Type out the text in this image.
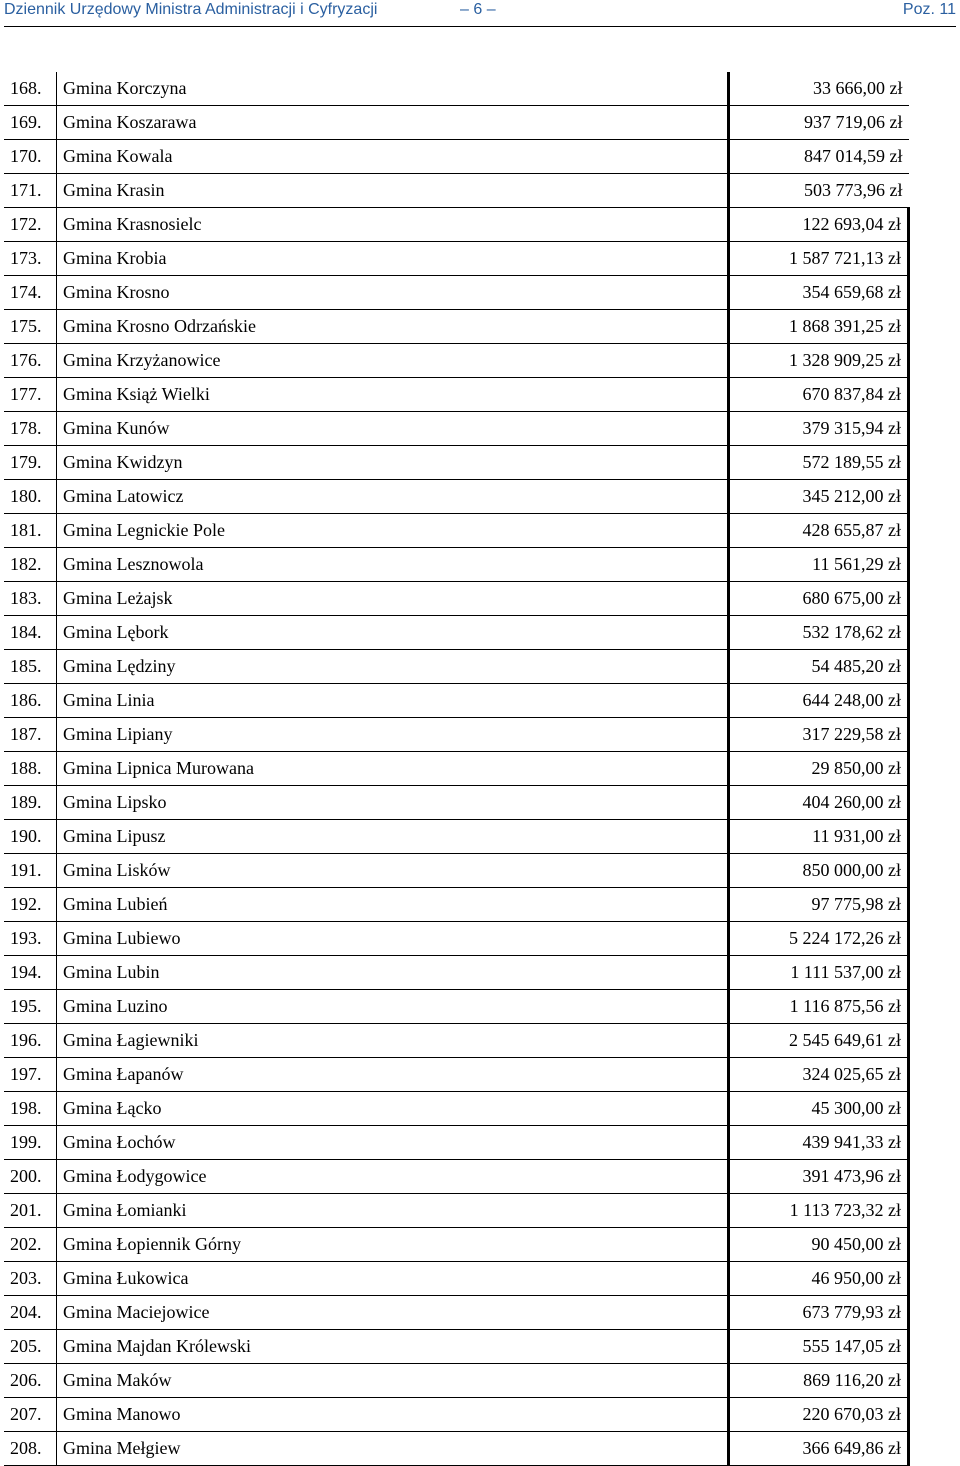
Dziennik Urzędowy Ministra Administracji i Cyfryzacji	– 6 –	Poz. 11
168.	Gmina Korczyna	33 666,00 zł
169.	Gmina Koszarawa	937 719,06 zł
170.	Gmina Kowala	847 014,59 zł
171.	Gmina Krasin	503 773,96 zł
172.	Gmina Krasnosielc	122 693,04 zł
173.	Gmina Krobia	1 587 721,13 zł
174.	Gmina Krosno	354 659,68 zł
175.	Gmina Krosno Odrzańskie	1 868 391,25 zł
176.	Gmina Krzyżanowice	1 328 909,25 zł
177.	Gmina Książ Wielki	670 837,84 zł
178.	Gmina Kunów	379 315,94 zł
179.	Gmina Kwidzyn	572 189,55 zł
180.	Gmina Latowicz	345 212,00 zł
181.	Gmina Legnickie Pole	428 655,87 zł
182.	Gmina Lesznowola	11 561,29 zł
183.	Gmina Leżajsk	680 675,00 zł
184.	Gmina Lębork	532 178,62 zł
185.	Gmina Lędziny	54 485,20 zł
186.	Gmina Linia	644 248,00 zł
187.	Gmina Lipiany	317 229,58 zł
188.	Gmina Lipnica Murowana	29 850,00 zł
189.	Gmina Lipsko	404 260,00 zł
190.	Gmina Lipusz	11 931,00 zł
191.	Gmina Lisków	850 000,00 zł
192.	Gmina Lubień	97 775,98 zł
193.	Gmina Lubiewo	5 224 172,26 zł
194.	Gmina Lubin	1 111 537,00 zł
195.	Gmina Luzino	1 116 875,56 zł
196.	Gmina Łagiewniki	2 545 649,61 zł
197.	Gmina Łapanów	324 025,65 zł
198.	Gmina Łącko	45 300,00 zł
199.	Gmina Łochów	439 941,33 zł
200.	Gmina Łodygowice	391 473,96 zł
201.	Gmina Łomianki	1 113 723,32 zł
202.	Gmina Łopiennik Górny	90 450,00 zł
203.	Gmina Łukowica	46 950,00 zł
204.	Gmina Maciejowice	673 779,93 zł
205.	Gmina Majdan Królewski	555 147,05 zł
206.	Gmina Maków	869 116,20 zł
207.	Gmina Manowo	220 670,03 zł
208.	Gmina Mełgiew	366 649,86 zł
